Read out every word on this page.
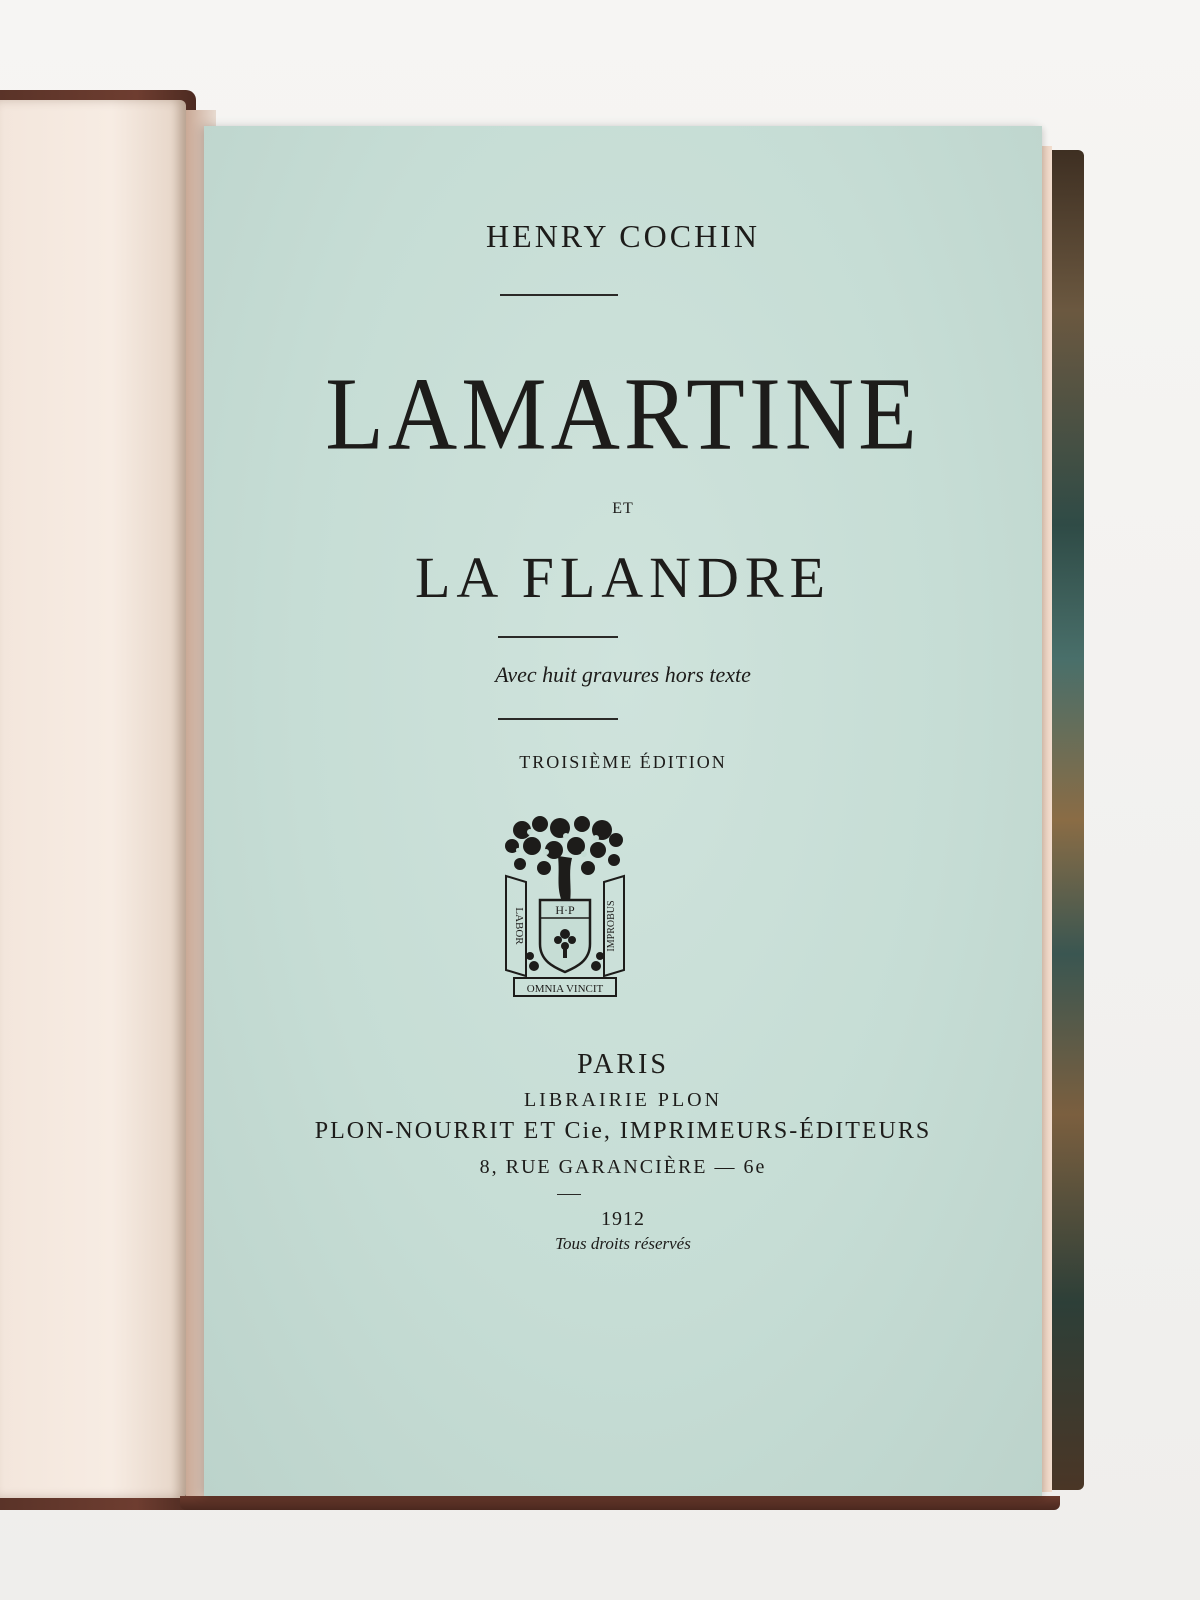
HENRY COCHIN
LAMARTINE
ET
LA FLANDRE
Avec huit gravures hors texte
TROISIÈME ÉDITION
LABOR	IMPROBUS
H·P
OMNIA VINCIT
PARIS
LIBRAIRIE PLON
PLON-NOURRIT ET Cie, IMPRIMEURS-ÉDITEURS
8, RUE GARANCIÈRE — 6e
1912
Tous droits réservés
